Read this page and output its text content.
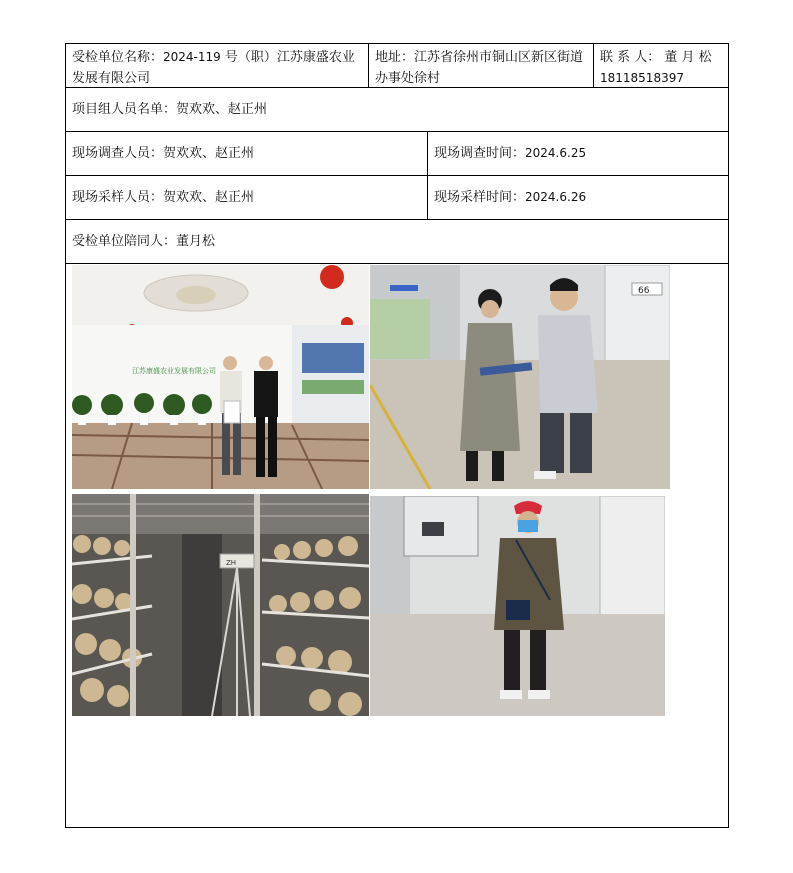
受检单位名称：2024-119 号（职）江苏康盛农业发展有限公司
地址：江苏省徐州市铜山区新区街道办事处徐村
联 系 人： 董 月 松
18118518397
项目组人员名单： 贺欢欢、赵正州
现场调查人员： 贺欢欢、赵正州	现场调查时间： 2024.6.25
现场采样人员： 贺欢欢、赵正州	现场采样时间： 2024.6.26
受检单位陪同人： 董月松
江苏康盛农业发展有限公司
66
ZH
